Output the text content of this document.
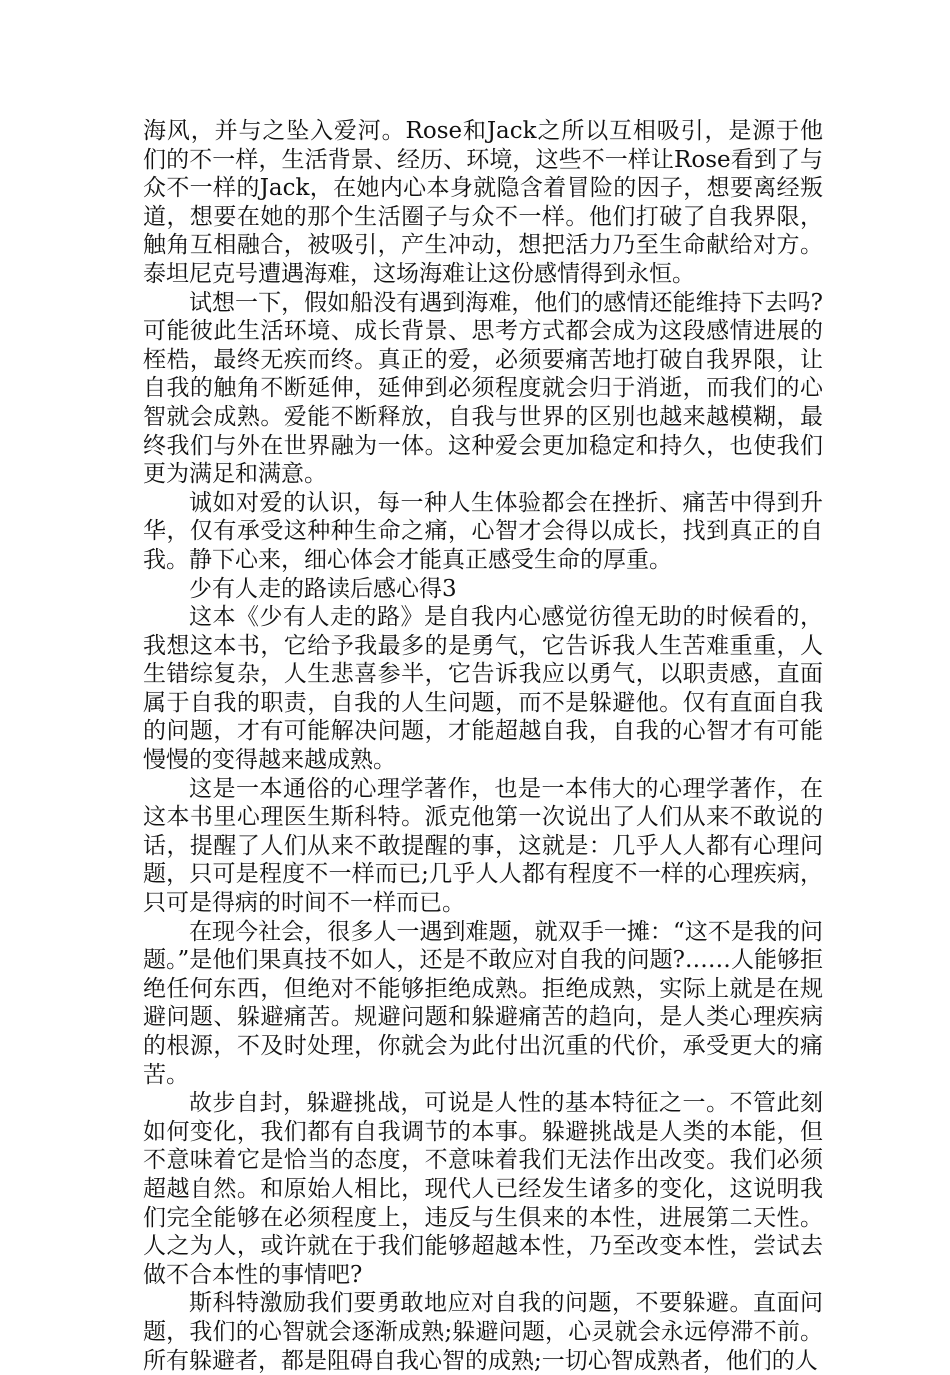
海风，并与之坠入爱河。Rose和Jack之所以互相吸引，是源于他们的不一样，生活背景、经历、环境，这些不一样让Rose看到了与众不一样的Jack，在她内心本身就隐含着冒险的因子，想要离经叛道，想要在她的那个生活圈子与众不一样。他们打破了自我界限，触角互相融合，被吸引，产生冲动，想把活力乃至生命献给对方。泰坦尼克号遭遇海难，这场海难让这份感情得到永恒。

试想一下，假如船没有遇到海难，他们的感情还能维持下去吗?可能彼此生活环境、成长背景、思考方式都会成为这段感情进展的桎梏，最终无疾而终。真正的爱，必须要痛苦地打破自我界限，让自我的触角不断延伸，延伸到必须程度就会归于消逝，而我们的心智就会成熟。爱能不断释放，自我与世界的区别也越来越模糊，最终我们与外在世界融为一体。这种爱会更加稳定和持久，也使我们更为满足和满意。

诚如对爱的认识，每一种人生体验都会在挫折、痛苦中得到升华，仅有承受这种种生命之痛，心智才会得以成长，找到真正的自我。静下心来，细心体会才能真正感受生命的厚重。

少有人走的路读后感心得3

这本《少有人走的路》是自我内心感觉彷徨无助的时候看的，我想这本书，它给予我最多的是勇气，它告诉我人生苦难重重，人生错综复杂，人生悲喜参半，它告诉我应以勇气，以职责感，直面属于自我的职责，自我的人生问题，而不是躲避他。仅有直面自我的问题，才有可能解决问题，才能超越自我，自我的心智才有可能慢慢的变得越来越成熟。

这是一本通俗的心理学著作，也是一本伟大的心理学著作，在这本书里心理医生斯科特。派克他第一次说出了人们从来不敢说的话，提醒了人们从来不敢提醒的事，这就是：几乎人人都有心理问题，只可是程度不一样而已;几乎人人都有程度不一样的心理疾病，只可是得病的时间不一样而已。

在现今社会，很多人一遇到难题，就双手一摊：“这不是我的问题。”是他们果真技不如人，还是不敢应对自我的问题?……人能够拒绝任何东西，但绝对不能够拒绝成熟。拒绝成熟，实际上就是在规避问题、躲避痛苦。规避问题和躲避痛苦的趋向，是人类心理疾病的根源，不及时处理，你就会为此付出沉重的代价，承受更大的痛苦。

故步自封，躲避挑战，可说是人性的基本特征之一。不管此刻如何变化，我们都有自我调节的本事。躲避挑战是人类的本能，但不意味着它是恰当的态度，不意味着我们无法作出改变。我们必须超越自然。和原始人相比，现代人已经发生诸多的变化，这说明我们完全能够在必须程度上，违反与生俱来的本性，进展第二天性。人之为人，或许就在于我们能够超越本性，乃至改变本性，尝试去做不合本性的事情吧?

斯科特激励我们要勇敢地应对自我的问题，不要躲避。直面问题，我们的心智就会逐渐成熟;躲避问题，心灵就会永远停滞不前。所有躲避者，都是阻碍自我心智的成熟;一切心智成熟者，他们的人
